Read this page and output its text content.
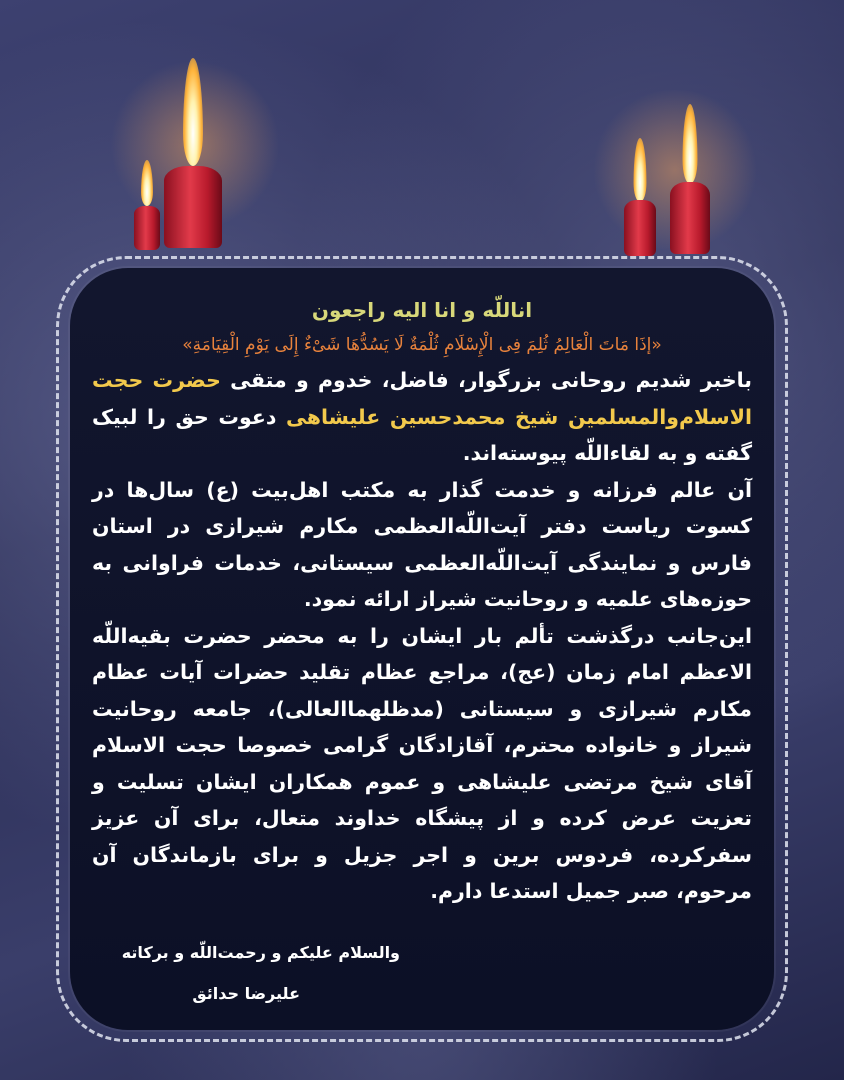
اناللّه و انا الیه راجعون
«إذَا مَاتَ الْعَالِمُ ثُلِمَ فِی الْإِسْلَامِ ثُلْمَةٌ لَا یَسُدُّهَا شَیْ‏ءٌ إِلَى یَوْمِ الْقِیَامَةِ»

باخبر شدیم روحانی بزرگوار، فاضل، خدوم و متقی حضرت حجت الاسلام‌والمسلمین شیخ محمدحسین علیشاهی دعوت حق را لبیک گفته و به لقاءاللّه پیوسته‌اند.

آن عالم فرزانه و خدمت گذار به مکتب اهل‌بیت (ع) سال‌ها در کسوت ریاست دفتر آیت‌اللّه‌العظمی مکارم شیرازی در استان فارس و نمایندگی آیت‌اللّه‌العظمی سیستانی، خدمات فراوانی به حوزه‌های علمیه و روحانیت شیراز ارائه نمود.

این‌جانب درگذشت تألم بار ایشان را به محضر حضرت بقیه‌اللّه الاعظم امام زمان (عج)، مراجع عظام تقلید حضرات آیات عظام مکارم شیرازی و سیستانی (مدظلهماالعالی)، جامعه روحانیت شیراز و خانواده محترم، آقازادگان گرامی خصوصا حجت الاسلام آقای شیخ مرتضی علیشاهی و عموم همکاران ایشان تسلیت و تعزیت عرض کرده و از پیشگاه خداوند متعال، برای آن عزیز سفرکرده، فردوس برین و اجر جزیل و برای بازماندگان آن مرحوم، صبر جمیل استدعا دارم.

والسلام علیکم و رحمت‌اللّه و برکاته
علیرضا حدائق
